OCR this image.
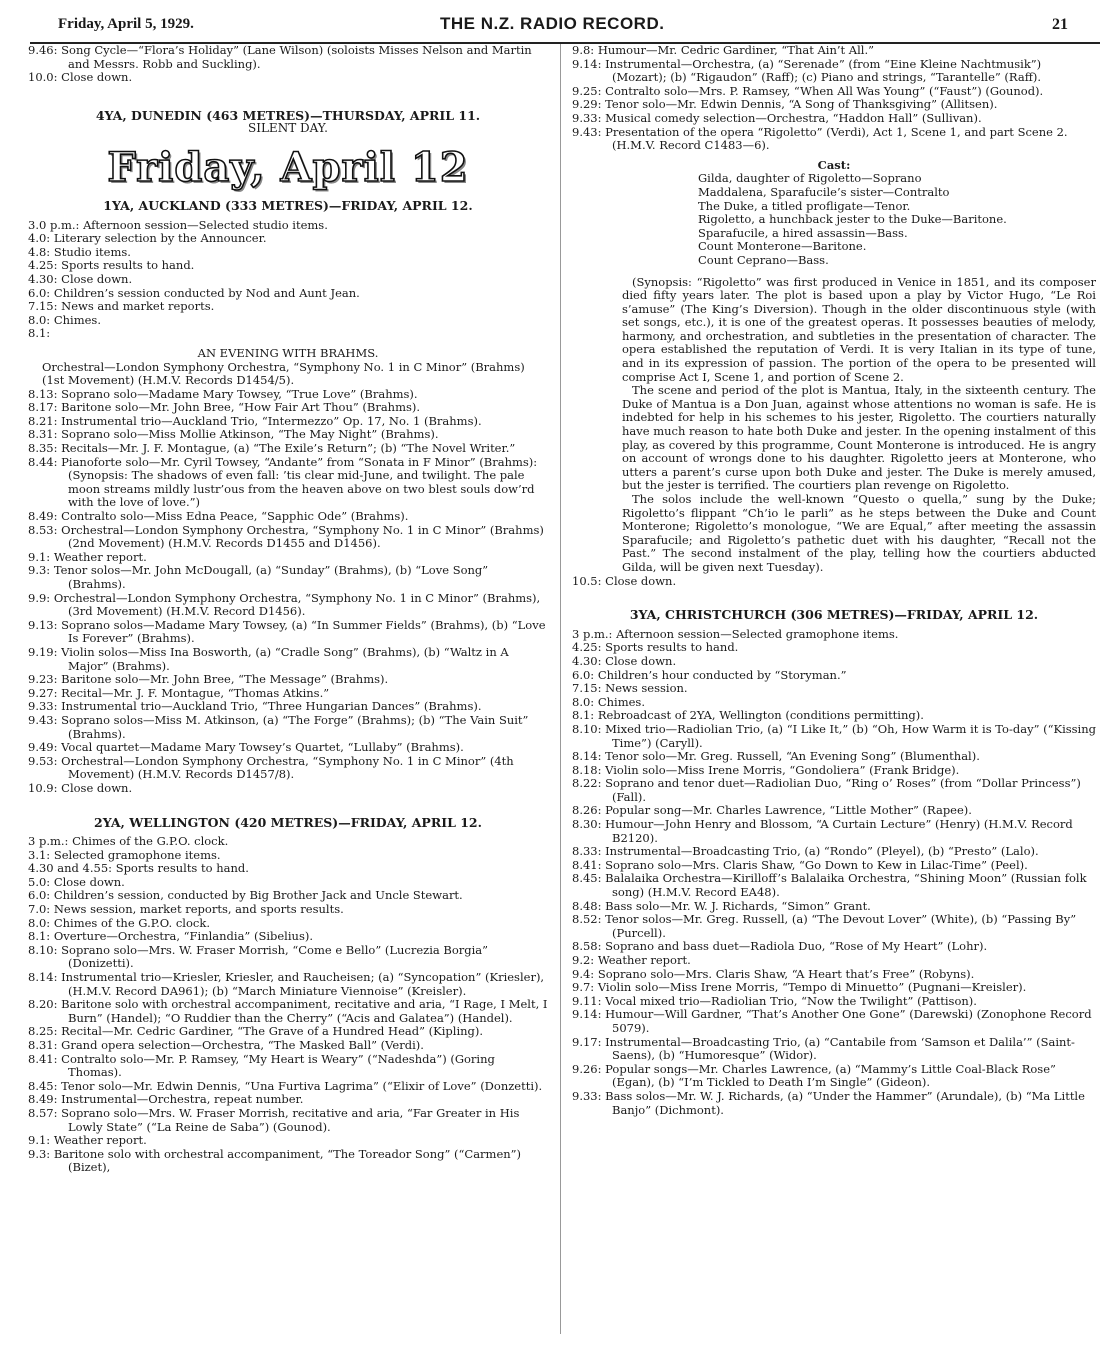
Friday, April 5, 1929.	THE N.Z. RADIO RECORD.	21

9.46: Song Cycle—“Flora’s Holiday” (Lane Wilson) (soloists Misses Nelson and Martin and Messrs. Robb and Suckling).

10.0: Close down.

4YA, DUNEDIN (463 METRES)—THURSDAY, APRIL 11.

SILENT DAY.

Friday, April 12

1YA, AUCKLAND (333 METRES)—FRIDAY, APRIL 12.

3.0 p.m.: Afternoon session—Selected studio items.

4.0: Literary selection by the Announcer.

4.8: Studio items.

4.25: Sports results to hand.

4.30: Close down.

6.0: Children’s session conducted by Nod and Aunt Jean.

7.15: News and market reports.

8.0: Chimes.

8.1:

AN EVENING WITH BRAHMS.

Orchestral—London Symphony Orchestra, “Symphony No. 1 in C Minor” (Brahms) (1st Movement) (H.M.V. Records D1454/5).

8.13: Soprano solo—Madame Mary Towsey, “True Love” (Brahms).

8.17: Baritone solo—Mr. John Bree, “How Fair Art Thou” (Brahms).

8.21: Instrumental trio—Auckland Trio, “Intermezzo” Op. 17, No. 1 (Brahms).

8.31: Soprano solo—Miss Mollie Atkinson, “The May Night” (Brahms).

8.35: Recitals—Mr. J. F. Montague, (a) “The Exile’s Return”; (b) “The Novel Writer.”

8.44: Pianoforte solo—Mr. Cyril Towsey, “Andante” from “Sonata in F Minor” (Brahms): (Synopsis: The shadows of even fall: ’tis clear mid-June, and twilight. The pale moon streams mildly lustr’ous from the heaven above on two blest souls dow’rd with the love of love.”)

8.49: Contralto solo—Miss Edna Peace, “Sapphic Ode” (Brahms).

8.53: Orchestral—London Symphony Orchestra, “Symphony No. 1 in C Minor” (Brahms) (2nd Movement) (H.M.V. Records D1455 and D1456).

9.1: Weather report.

9.3: Tenor solos—Mr. John McDougall, (a) “Sunday” (Brahms), (b) “Love Song” (Brahms).

9.9: Orchestral—London Symphony Orchestra, “Symphony No. 1 in C Minor” (Brahms), (3rd Movement) (H.M.V. Record D1456).

9.13: Soprano solos—Madame Mary Towsey, (a) “In Summer Fields” (Brahms), (b) “Love Is Forever” (Brahms).

9.19: Violin solos—Miss Ina Bosworth, (a) “Cradle Song” (Brahms), (b) “Waltz in A Major” (Brahms).

9.23: Baritone solo—Mr. John Bree, “The Message” (Brahms).

9.27: Recital—Mr. J. F. Montague, “Thomas Atkins.”

9.33: Instrumental trio—Auckland Trio, “Three Hungarian Dances” (Brahms).

9.43: Soprano solos—Miss M. Atkinson, (a) “The Forge” (Brahms); (b) “The Vain Suit” (Brahms).

9.49: Vocal quartet—Madame Mary Towsey’s Quartet, “Lullaby” (Brahms).

9.53: Orchestral—London Symphony Orchestra, “Symphony No. 1 in C Minor” (4th Movement) (H.M.V. Records D1457/8).

10.9: Close down.

2YA, WELLINGTON (420 METRES)—FRIDAY, APRIL 12.

3 p.m.: Chimes of the G.P.O. clock.

3.1: Selected gramophone items.

4.30 and 4.55: Sports results to hand.

5.0: Close down.

6.0: Children’s session, conducted by Big Brother Jack and Uncle Stewart.

7.0: News session, market reports, and sports results.

8.0: Chimes of the G.P.O. clock.

8.1: Overture—Orchestra, “Finlandia” (Sibelius).

8.10: Soprano solo—Mrs. W. Fraser Morrish, “Come e Bello” (Lucrezia Borgia” (Donizetti).

8.14: Instrumental trio—Kriesler, Kriesler, and Raucheisen; (a) “Syncopation” (Kriesler), (H.M.V. Record DA961); (b) “March Miniature Viennoise” (Kreisler).

8.20: Baritone solo with orchestral accompaniment, recitative and aria, “I Rage, I Melt, I Burn” (Handel); “O Ruddier than the Cherry” (“Acis and Galatea”) (Handel).

8.25: Recital—Mr. Cedric Gardiner, “The Grave of a Hundred Head” (Kipling).

8.31: Grand opera selection—Orchestra, “The Masked Ball” (Verdi).

8.41: Contralto solo—Mr. P. Ramsey, “My Heart is Weary” (“Nadeshda”) (Goring Thomas).

8.45: Tenor solo—Mr. Edwin Dennis, “Una Furtiva Lagrima” (“Elixir of Love” (Donzetti).

8.49: Instrumental—Orchestra, repeat number.

8.57: Soprano solo—Mrs. W. Fraser Morrish, recitative and aria, “Far Greater in His Lowly State” (“La Reine de Saba”) (Gounod).

9.1: Weather report.

9.3: Baritone solo with orchestral accompaniment, “The Toreador Song” (“Carmen”) (Bizet),

9.8: Humour—Mr. Cedric Gardiner, “That Ain’t All.”

9.14: Instrumental—Orchestra, (a) “Serenade” (from “Eine Kleine Nachtmusik”) (Mozart); (b) “Rigaudon” (Raff); (c) Piano and strings, “Tarantelle” (Raff).

9.25: Contralto solo—Mrs. P. Ramsey, “When All Was Young” (“Faust”) (Gounod).

9.29: Tenor solo—Mr. Edwin Dennis, “A Song of Thanksgiving” (Allitsen).

9.33: Musical comedy selection—Orchestra, “Haddon Hall” (Sullivan).

9.43: Presentation of the opera “Rigoletto” (Verdi), Act 1, Scene 1, and part Scene 2. (H.M.V. Record C1483—6).

Cast:

Gilda, daughter of Rigoletto—Soprano

Maddalena, Sparafucile’s sister—Contralto

The Duke, a titled profligate—Tenor.

Rigoletto, a hunchback jester to the Duke—Baritone.

Sparafucile, a hired assassin—Bass.

Count Monterone—Baritone.

Count Ceprano—Bass.

(Synopsis: “Rigoletto” was first produced in Venice in 1851, and its composer died fifty years later. The plot is based upon a play by Victor Hugo, “Le Roi s’amuse” (The King’s Diversion). Though in the older discontinuous style (with set songs, etc.), it is one of the greatest operas. It possesses beauties of melody, harmony, and orchestration, and subtleties in the presentation of character. The opera established the reputation of Verdi. It is very Italian in its type of tune, and in its expression of passion. The portion of the opera to be presented will comprise Act I, Scene 1, and portion of Scene 2.

The scene and period of the plot is Mantua, Italy, in the sixteenth century. The Duke of Mantua is a Don Juan, against whose attentions no woman is safe. He is indebted for help in his schemes to his jester, Rigoletto. The courtiers naturally have much reason to hate both Duke and jester. In the opening instalment of this play, as covered by this programme, Count Monterone is introduced. He is angry on account of wrongs done to his daughter. Rigoletto jeers at Monterone, who utters a parent’s curse upon both Duke and jester. The Duke is merely amused, but the jester is terrified. The courtiers plan revenge on Rigoletto.

The solos include the well-known “Questo o quella,” sung by the Duke; Rigoletto’s flippant “Ch’io le parli” as he steps between the Duke and Count Monterone; Rigoletto’s monologue, “We are Equal,” after meeting the assassin Sparafucile; and Rigoletto’s pathetic duet with his daughter, “Recall not the Past.” The second instalment of the play, telling how the courtiers abducted Gilda, will be given next Tuesday).

10.5: Close down.

3YA, CHRISTCHURCH (306 METRES)—FRIDAY, APRIL 12.

3 p.m.: Afternoon session—Selected gramophone items.

4.25: Sports results to hand.

4.30: Close down.

6.0: Children’s hour conducted by “Storyman.”

7.15: News session.

8.0: Chimes.

8.1: Rebroadcast of 2YA, Wellington (conditions permitting).

8.10: Mixed trio—Radiolian Trio, (a) “I Like It,” (b) “Oh, How Warm it is To-day” (“Kissing Time”) (Caryll).

8.14: Tenor solo—Mr. Greg. Russell, “An Evening Song” (Blumenthal).

8.18: Violin solo—Miss Irene Morris, “Gondoliera” (Frank Bridge).

8.22: Soprano and tenor duet—Radiolian Duo, “Ring o’ Roses” (from “Dollar Princess”) (Fall).

8.26: Popular song—Mr. Charles Lawrence, “Little Mother” (Rapee).

8.30: Humour—John Henry and Blossom, “A Curtain Lecture” (Henry) (H.M.V. Record B2120).

8.33: Instrumental—Broadcasting Trio, (a) “Rondo” (Pleyel), (b) “Presto” (Lalo).

8.41: Soprano solo—Mrs. Claris Shaw, “Go Down to Kew in Lilac-Time” (Peel).

8.45: Balalaika Orchestra—Kirilloff’s Balalaika Orchestra, “Shining Moon” (Russian folk song) (H.M.V. Record EA48).

8.48: Bass solo—Mr. W. J. Richards, “Simon” Grant.

8.52: Tenor solos—Mr. Greg. Russell, (a) “The Devout Lover” (White), (b) “Passing By” (Purcell).

8.58: Soprano and bass duet—Radiola Duo, “Rose of My Heart” (Lohr).

9.2: Weather report.

9.4: Soprano solo—Mrs. Claris Shaw, “A Heart that’s Free” (Robyns).

9.7: Violin solo—Miss Irene Morris, “Tempo di Minuetto” (Pugnani—Kreisler).

9.11: Vocal mixed trio—Radiolian Trio, “Now the Twilight” (Pattison).

9.14: Humour—Will Gardner, “That’s Another One Gone” (Darewski) (Zonophone Record 5079).

9.17: Instrumental—Broadcasting Trio, (a) “Cantabile from ‘Samson et Dalila’” (Saint-Saens), (b) “Humoresque” (Widor).

9.26: Popular songs—Mr. Charles Lawrence, (a) “Mammy’s Little Coal-Black Rose” (Egan), (b) “I’m Tickled to Death I’m Single” (Gideon).

9.33: Bass solos—Mr. W. J. Richards, (a) “Under the Hammer” (Arundale), (b) “Ma Little Banjo” (Dichmont).
